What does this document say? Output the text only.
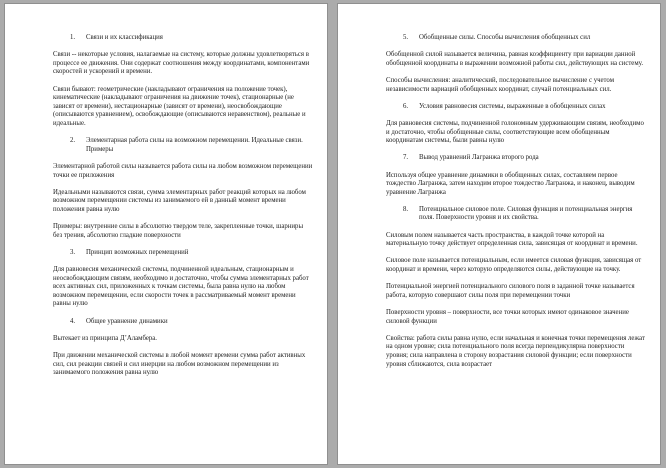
1.	Связи и их классификация

Связи -- некоторые условия, налагаемые на систему, которые должны удовлетворяться в процессе ее движения. Они содержат соотношения между координатами, компонентами скоростей и ускорений и времени.

Связи бывают: геометрические (накладывают ограничения на положение точек), кинематические (накладывают ограничения на движение точек), стационарные (не зависят от времени), нестационарные (зависят от времени), неосвобождающие (описываются уравнением), освобождающие (описываются неравенством), реальные и идеальные.

2.	Элементарная работа силы на возможном перемещении. Идеальные связи. Примеры

Элементарной работой силы называется работа силы на любом возможном перемещении точки ее приложения

Идеальными называются связи, сумма элементарных работ реакций которых на любом возможном перемещении системы из занимаемого ей в данный момент времени положения равна нулю

Примеры: внутренние силы в абсолютно твердом теле, закрепленные точки, шарниры без трения, абсолютно гладкие поверхности

3.	Принцип возможных перемещений

Для равновесия механической системы, подчиненной идеальным, стационарным и неосвобождающим связям, необходимо и достаточно, чтобы сумма элементарных работ всех активных сил, приложенных к точкам системы, была равна нулю на любом возможном перемещении, если скорости точек в рассматриваемый момент времени равны нулю

4.	Общее уравнение динамики

Вытекает из принципа Д’Аламбера.

При движении механической системы в любой момент времени сумма работ активных сил, сил реакции связей и сил инерции на любом возможном перемещении из занимаемого положения равна нулю

5.	Обобщенные силы. Способы вычисления обобщенных сил

Обобщенной силой называется величина, равная коэффициенту при вариации данной обобщенной координаты в выражении возможной работы сил, действующих на систему.

Способы вычисления: аналитический, последовательное вычисление с учетом независимости вариаций обобщенных координат, случай потенциальных сил.

6.	Условия равновесия системы, выраженные в обобщенных силах

Для равновесия системы, подчиненной голономным удерживающим связям, необходимо и достаточно, чтобы обобщенные силы, соответствующие всем обобщенным координатам системы, были равны нулю

7.	Вывод уравнений Лагранжа второго рода

Используя общее уравнение динамики в обобщенных силах, составляем первое тождество Лагранжа, затем находим второе тождество Лагранжа, и наконец, выводим уравнение Лагранжа

8.	Потенциальное силовое поле. Силовая функция и потенциальная энергия поля. Поверхности уровня и их свойства.

Силовым полем называется часть пространства, в каждой точке которой на материальную точку действует определенная сила, зависящая от координат и времени.

Силовое поле называется потенциальным, если имеется силовая функция, зависящая от координат и времени, через которую определяются силы, действующие на точку.

Потенциальной энергией потенциального силового поля в заданной точке называется работа, которую совершают силы поля при перемещении точки

Поверхности уровня – поверхности, все точки которых имеют одинаковое значение силовой функции

Свойства: работа силы равна нулю, если начальная и конечная точки перемещения лежат на одном уровне; сила потенциального поля всегда перпендикулярна поверхности уровня; сила направлена в сторону возрастания силовой функции; если поверхности уровня сближаются, сила возрастает
